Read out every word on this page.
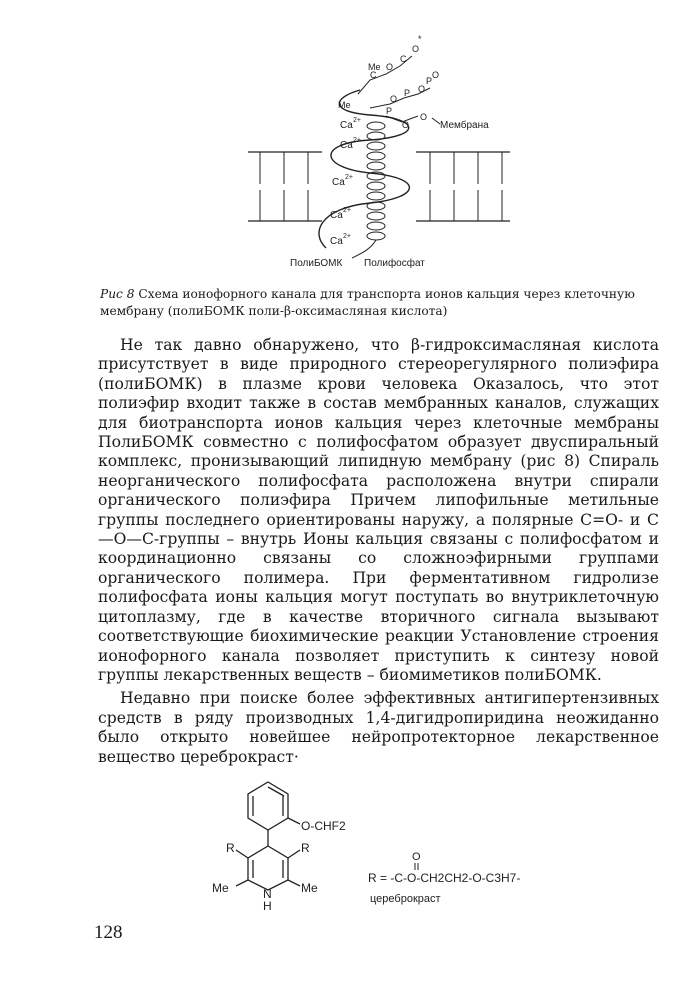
C
O
C
O
*
O
P O
P
O
P
O
O
Me
Me
Ca
Ca
Ca
Ca
Ca
2+
2+
2+
2+
2+
Мембрана
ПолиБОМК Полифосфат
Рис 8 Схема ионофорного канала для транспорта ионов кальция через клеточную мембрану (полиБОМК поли-β-оксимасляная кислота)

Не так давно обнаружено, что β-гидроксимасляная кислота присутствует в виде природного стереорегулярного полиэфира (полиБОМК) в плазме крови человека Оказалось, что этот полиэфир входит также в состав мембранных каналов, служащих для биотранспорта ионов кальция через клеточные мембраны ПолиБОМК совместно с полифосфатом образует двуспиральный комплекс, пронизывающий липидную мембрану (рис 8) Спираль неорганического полифосфата расположена внутри спирали органического полиэфира Причем липофильные метильные группы последнего ориентированы наружу, а полярные С=О- и С—О—С-группы – внутрь Ионы кальция связаны с полифосфатом и координационно связаны со сложноэфирными группами органического полимера. При ферментативном гидролизе полифосфата ионы кальция могут поступать во внутриклеточную цитоплазму, где в качестве вторичного сигнала вызывают соответствующие биохимические реакции Установление строения ионофорного канала позволяет приступить к синтезу новой группы лекарственных веществ – биомиметиков полиБОМК.

Недавно при поиске более эффективных антигипертензивных средств в ряду производных 1,4-дигидропиридина неожиданно было открыто новейшее нейропротекторное лекарственное вещество цереброкраст·

O-CHF2
R	R
Me	Me
N
H
O
R = -C-O-CH2CH2-O-C3H7-
цереброкраст
128
